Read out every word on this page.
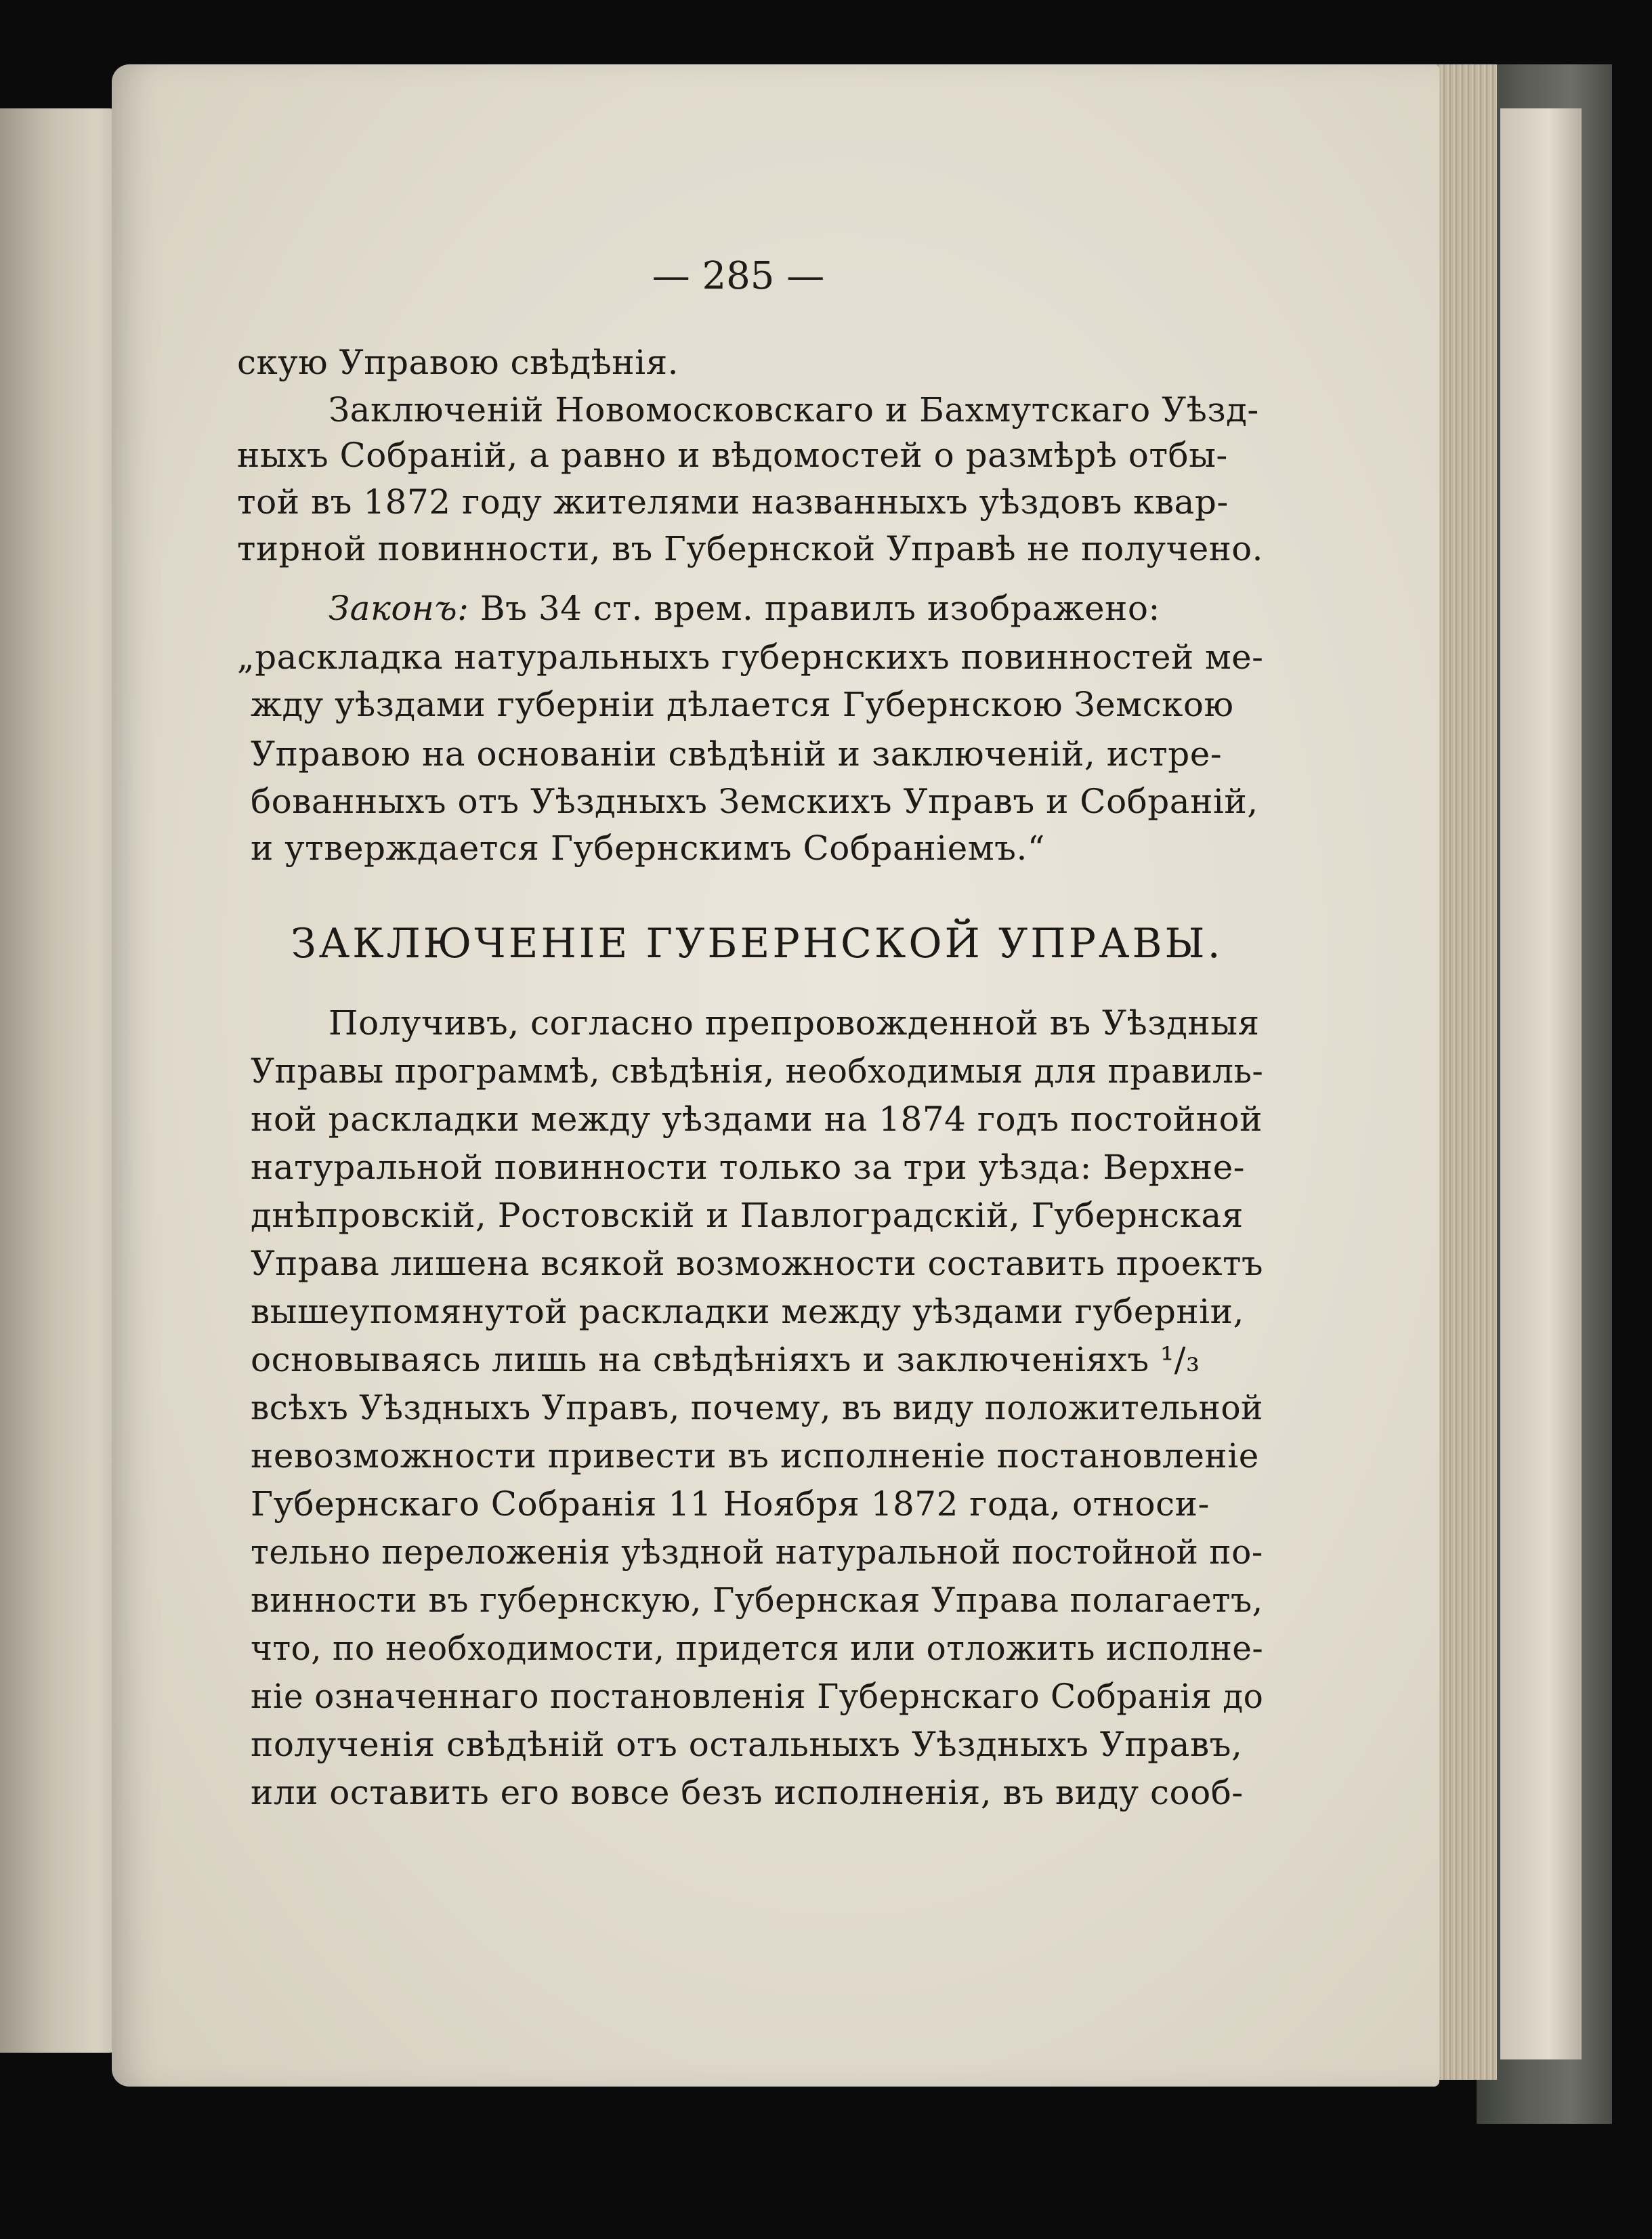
— 285 —
скую Управою свѣдѣнія.
Заключеній Новомосковскаго и Бахмутскаго Уѣзд-
ныхъ Собраній, а равно и вѣдомостей о размѣрѣ отбы-
той въ 1872 году жителями названныхъ уѣздовъ квар-
тирной повинности, въ Губернской Управѣ не получено.
Законъ: Въ 34 ст. врем. правилъ изображено:
„раскладка натуральныхъ губернскихъ повинностей ме-
жду уѣздами губерніи дѣлается Губернскою Земскою
Управою на основаніи свѣдѣній и заключеній, истре-
бованныхъ отъ Уѣздныхъ Земскихъ Управъ и Собраній,
и утверждается Губернскимъ Собраніемъ.“
ЗАКЛЮЧЕНІЕ ГУБЕРНСКОЙ УПРАВЫ.
Получивъ, согласно препровожденной въ Уѣздныя
Управы программѣ, свѣдѣнія, необходимыя для правиль-
ной раскладки между уѣздами на 1874 годъ постойной
натуральной повинности только за три уѣзда: Верхне-
днѣпровскій, Ростовскій и Павлоградскій, Губернская
Управа лишена всякой возможности составить проектъ
вышеупомянутой раскладки между уѣздами губерніи,
основываясь лишь на свѣдѣніяхъ и заключеніяхъ ¹/₃
всѣхъ Уѣздныхъ Управъ, почему, въ виду положительной
невозможности привести въ исполненіе постановленіе
Губернскаго Собранія 11 Ноября 1872 года, относи-
тельно переложенія уѣздной натуральной постойной по-
винности въ губернскую, Губернская Управа полагаетъ,
что, по необходимости, придется или отложить исполне-
ніе означеннаго постановленія Губернскаго Собранія до
полученія свѣдѣній отъ остальныхъ Уѣздныхъ Управъ,
или оставить его вовсе безъ исполненія, въ виду сооб-
